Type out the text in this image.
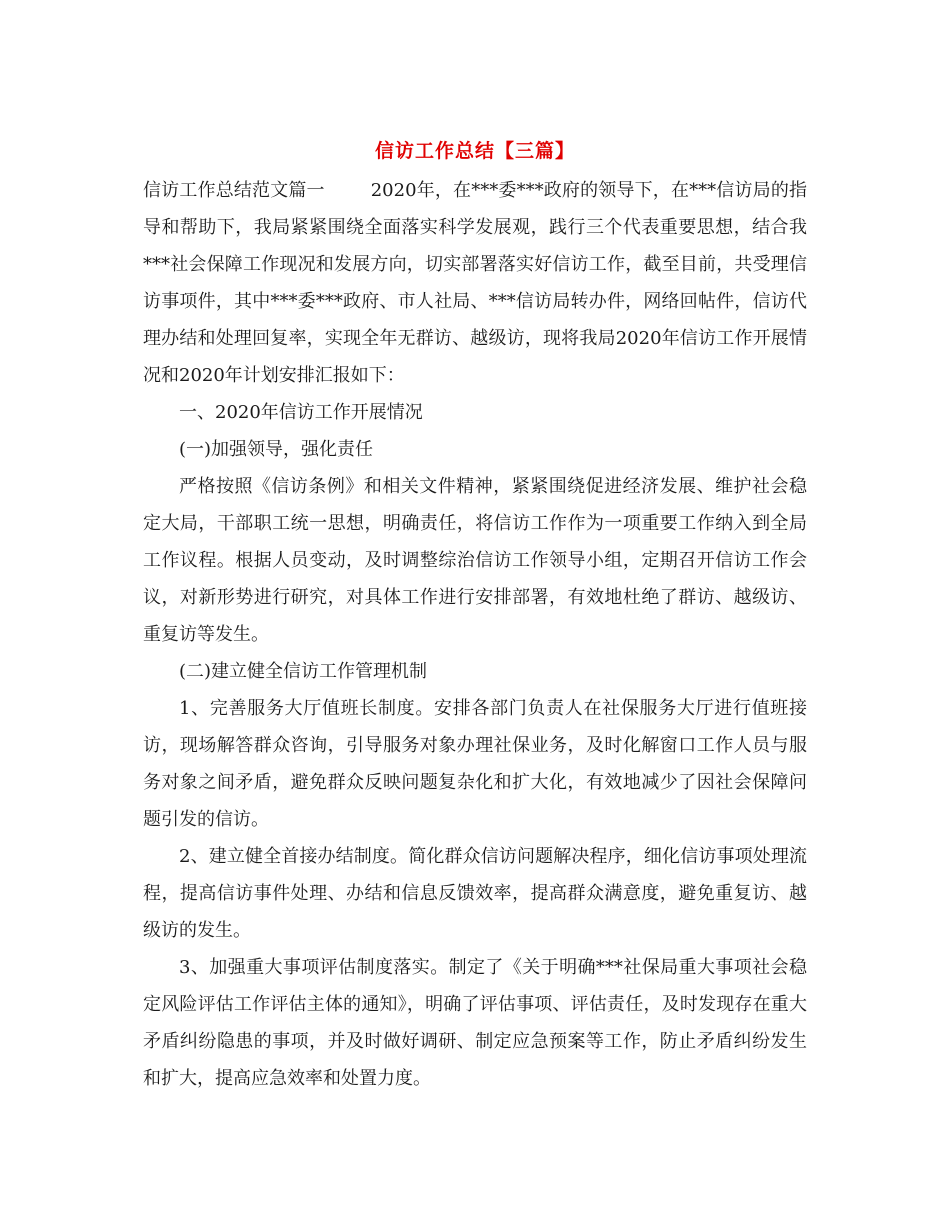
信访工作总结【三篇】

信访工作总结范文篇一	2020年，在***委***政府的领导下，在***信访局的指导和帮助下，我局紧紧围绕全面落实科学发展观，践行三个代表重要思想，结合我***社会保障工作现况和发展方向，切实部署落实好信访工作，截至目前，共受理信访事项件，其中***委***政府、市人社局、***信访局转办件，网络回帖件，信访代理办结和处理回复率，实现全年无群访、越级访，现将我局2020年信访工作开展情况和2020年计划安排汇报如下：

一、2020年信访工作开展情况

(一)加强领导，强化责任

严格按照《信访条例》和相关文件精神，紧紧围绕促进经济发展、维护社会稳定大局，干部职工统一思想，明确责任，将信访工作作为一项重要工作纳入到全局工作议程。根据人员变动，及时调整综治信访工作领导小组，定期召开信访工作会议，对新形势进行研究，对具体工作进行安排部署，有效地杜绝了群访、越级访、重复访等发生。

(二)建立健全信访工作管理机制

1、完善服务大厅值班长制度。安排各部门负责人在社保服务大厅进行值班接访，现场解答群众咨询，引导服务对象办理社保业务，及时化解窗口工作人员与服务对象之间矛盾，避免群众反映问题复杂化和扩大化，有效地减少了因社会保障问题引发的信访。

2、建立健全首接办结制度。简化群众信访问题解决程序，细化信访事项处理流程，提高信访事件处理、办结和信息反馈效率，提高群众满意度，避免重复访、越级访的发生。

3、加强重大事项评估制度落实。制定了《关于明确***社保局重大事项社会稳定风险评估工作评估主体的通知》，明确了评估事项、评估责任，及时发现存在重大矛盾纠纷隐患的事项，并及时做好调研、制定应急预案等工作，防止矛盾纠纷发生和扩大，提高应急效率和处置力度。
